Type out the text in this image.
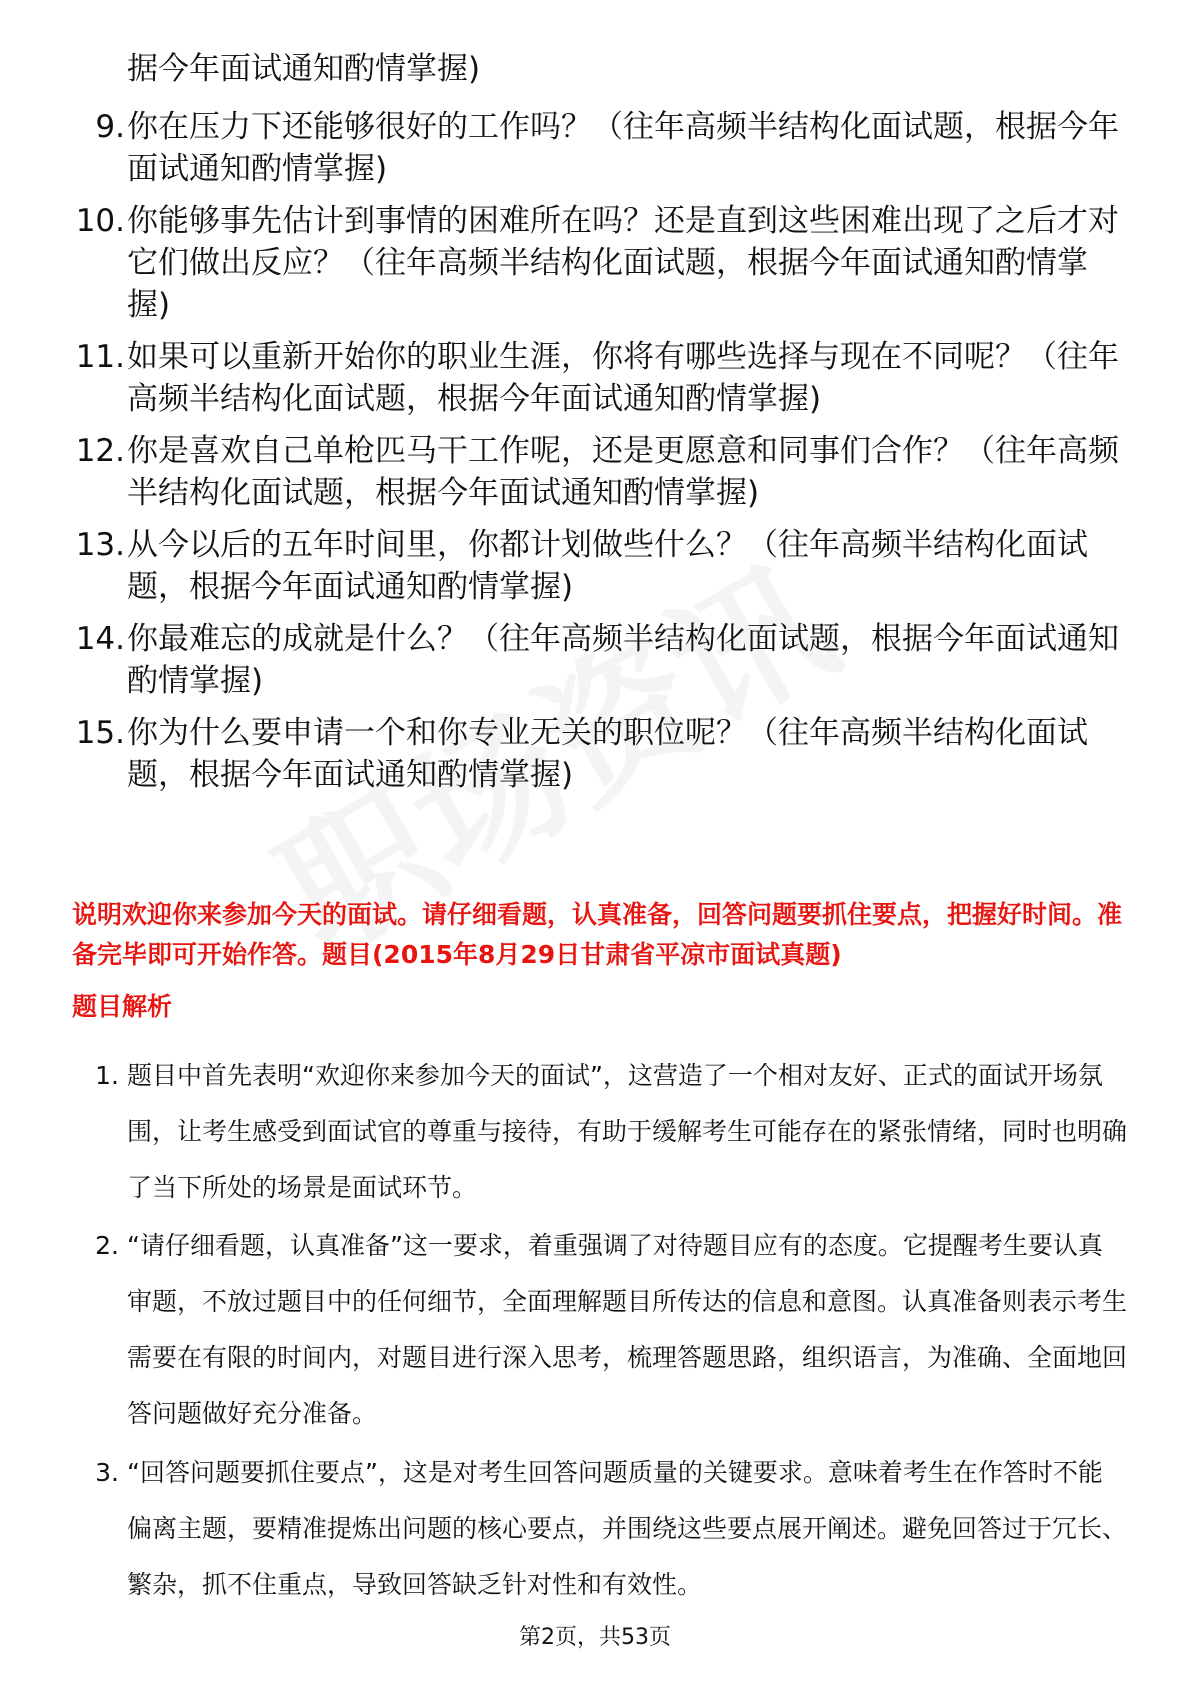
据今年面试通知酌情掌握)
9. 你在压力下还能够很好的工作吗？（往年高频半结构化面试题，根据今年面试通知酌情掌握)
10. 你能够事先估计到事情的困难所在吗？还是直到这些困难出现了之后才对它们做出反应？（往年高频半结构化面试题，根据今年面试通知酌情掌握)
11. 如果可以重新开始你的职业生涯，你将有哪些选择与现在不同呢？（往年高频半结构化面试题，根据今年面试通知酌情掌握)
12. 你是喜欢自己单枪匹马干工作呢，还是更愿意和同事们合作？（往年高频半结构化面试题，根据今年面试通知酌情掌握)
13. 从今以后的五年时间里，你都计划做些什么？（往年高频半结构化面试题，根据今年面试通知酌情掌握)
14. 你最难忘的成就是什么？（往年高频半结构化面试题，根据今年面试通知酌情掌握)
15. 你为什么要申请一个和你专业无关的职位呢？（往年高频半结构化面试题，根据今年面试通知酌情掌握)
说明欢迎你来参加今天的面试。请仔细看题，认真准备，回答问题要抓住要点，把握好时间。准备完毕即可开始作答。题目(2015年8月29日甘肃省平凉市面试真题)
题目解析
1. 题目中首先表明“欢迎你来参加今天的面试”，这营造了一个相对友好、正式的面试开场氛围，让考生感受到面试官的尊重与接待，有助于缓解考生可能存在的紧张情绪，同时也明确了当下所处的场景是面试环节。
2. “请仔细看题，认真准备”这一要求，着重强调了对待题目应有的态度。它提醒考生要认真审题，不放过题目中的任何细节，全面理解题目所传达的信息和意图。认真准备则表示考生需要在有限的时间内，对题目进行深入思考，梳理答题思路，组织语言，为准确、全面地回答问题做好充分准备。
3. “回答问题要抓住要点”，这是对考生回答问题质量的关键要求。意味着考生在作答时不能偏离主题，要精准提炼出问题的核心要点，并围绕这些要点展开阐述。避免回答过于冗长、繁杂，抓不住重点，导致回答缺乏针对性和有效性。
第2页，共53页
